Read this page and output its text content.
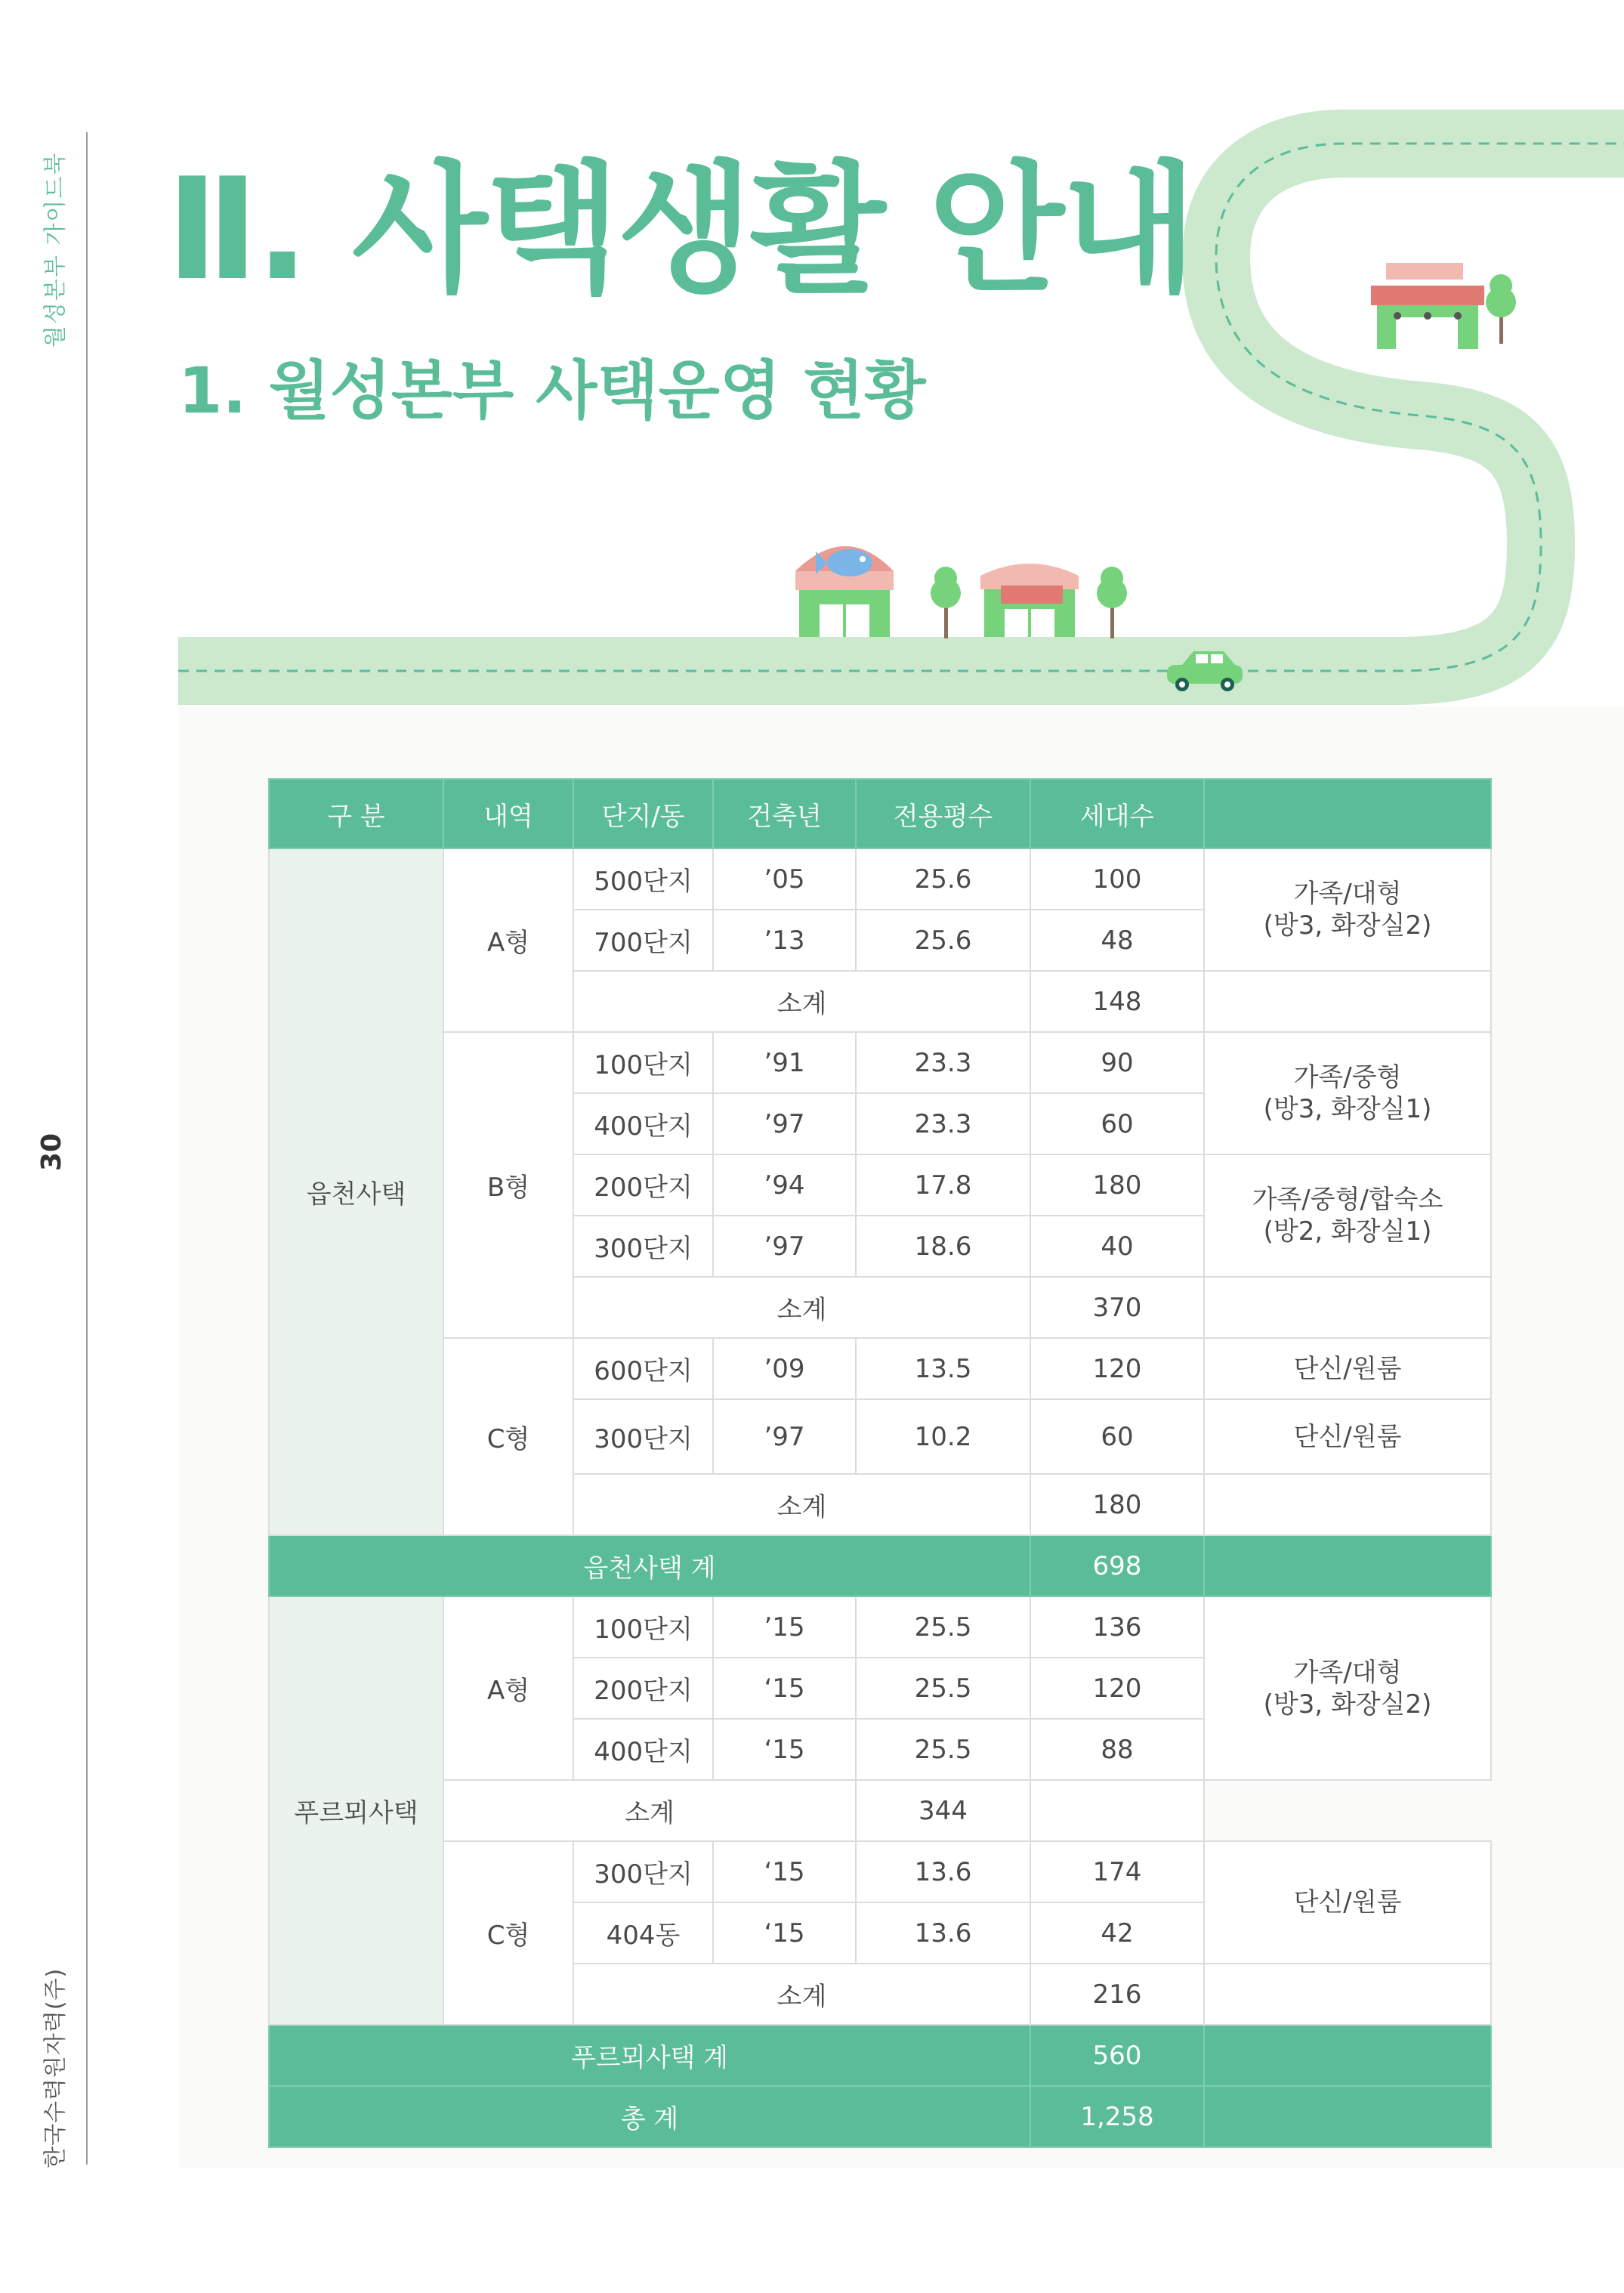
월성본부 가이드북
30
한국수력원자력(주)
Ⅱ. 사택생활 안내
1. 월성본부 사택운영 현황
구 분	내역	단지/동	건축년	전용평수	세대수	
읍천사택	A형	500단지	’05	25.6	100	가족/대형
(방3, 화장실2)
		700단지	’13	25.6	48	
		소계			148	
	B형	100단지	’91	23.3	90	가족/중형
(방3, 화장실1)
		400단지	’97	23.3	60	
		200단지	’94	17.8	180	가족/중형/합숙소
(방2, 화장실1)
		300단지	’97	18.6	40	
		소계			370	
	C형	600단지	’09	13.5	120	단신/원룸
		300단지	’97	10.2	60	단신/원룸
		소계			180	
읍천사택 계					698	
푸르뫼사택	A형	100단지	’15	25.5	136	가족/대형
(방3, 화장실2)
		200단지	‘15	25.5	120	
		400단지	‘15	25.5	88	
	소계			344		
	C형	300단지	‘15	13.6	174	단신/원룸
		404동	‘15	13.6	42	
		소계			216	
푸르뫼사택 계					560	
총 계					1,258	
